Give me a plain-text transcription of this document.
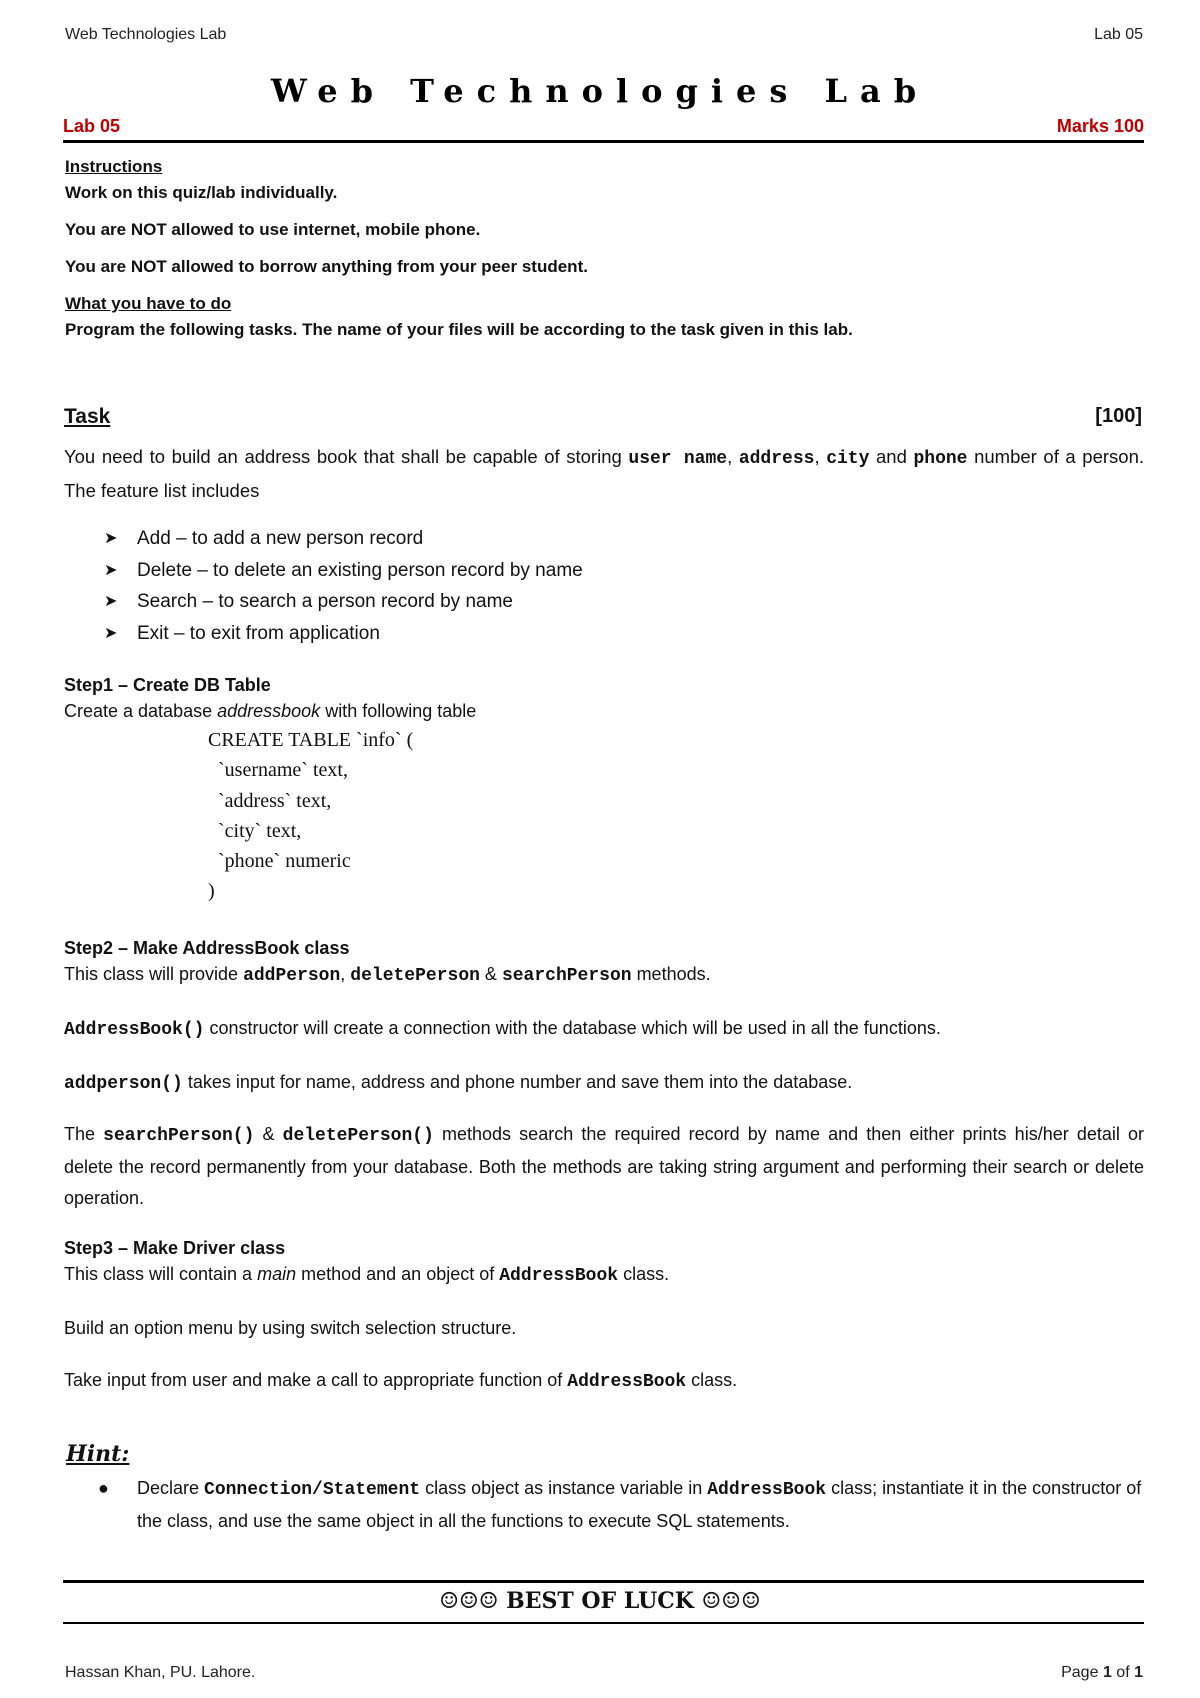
Web Technologies Lab	Lab 05
Web Technologies Lab
Lab 05	Marks 100
Instructions
Work on this quiz/lab individually.
You are NOT allowed to use internet, mobile phone.
You are NOT allowed to borrow anything from your peer student.
What you have to do
Program the following tasks. The name of your files will be according to the task given in this lab.
Task	[100]
You need to build an address book that shall be capable of storing user name, address, city and phone number of a person. The feature list includes
➤ Add – to add a new person record
➤ Delete – to delete an existing person record by name
➤ Search – to search a person record by name
➤ Exit – to exit from application
Step1 – Create DB Table
Create a database addressbook with following table
CREATE TABLE `info` (
`username` text,
`address` text,
`city` text,
`phone` numeric
)
Step2 – Make AddressBook class
This class will provide addPerson, deletePerson & searchPerson methods.
AddressBook() constructor will create a connection with the database which will be used in all the functions.
addperson() takes input for name, address and phone number and save them into the database.
The searchPerson() & deletePerson() methods search the required record by name and then either prints his/her detail or delete the record permanently from your database. Both the methods are taking string argument and performing their search or delete operation.
Step3 – Make Driver class
This class will contain a main method and an object of AddressBook class.
Build an option menu by using switch selection structure.
Take input from user and make a call to appropriate function of AddressBook class.
Hint:
●	Declare Connection/Statement class object as instance variable in AddressBook class; instantiate it in the constructor of the class, and use the same object in all the functions to execute SQL statements.
☺☺☺ BEST OF LUCK ☺☺☺
Hassan Khan, PU. Lahore.	Page 1 of 1
